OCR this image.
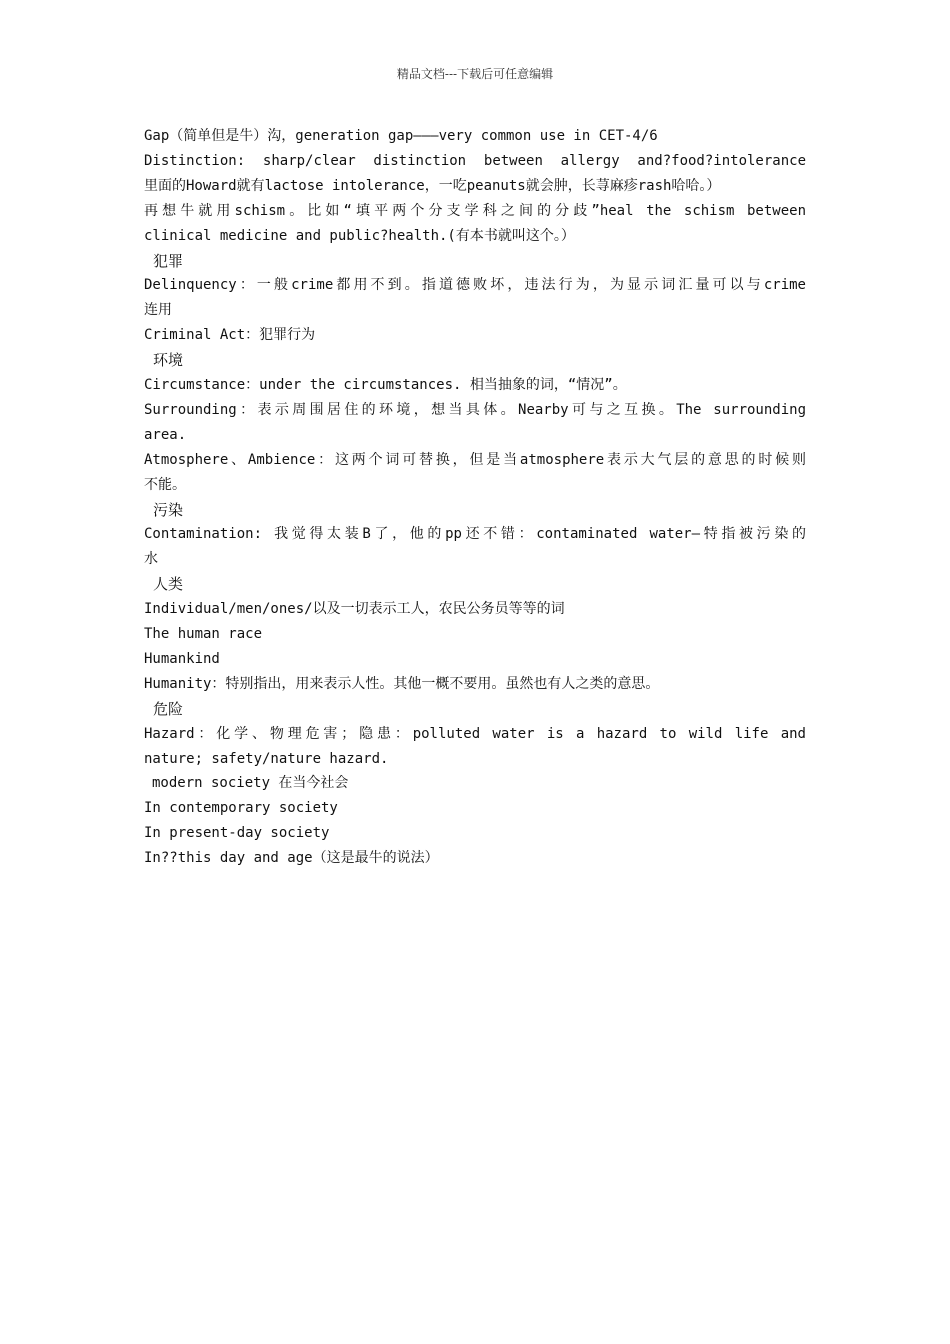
精品文档---下载后可任意编辑
Gap（简单但是牛）沟，generation gap———very common use in CET-4/6
Distinction: sharp/clear distinction between allergy and?food?intolerance
里面的Howard就有lactose intolerance，一吃peanuts就会肿，长荨麻疹rash哈哈。）
再想牛就用schism。比如“填平两个分支学科之间的分歧”heal the schism between
clinical medicine and public?health.(有本书就叫这个。）
犯罪
Delinquency：一般crime都用不到。指道德败坏，违法行为，为显示词汇量可以与crime
连用
Criminal Act：犯罪行为
环境
Circumstance：under the circumstances. 相当抽象的词，“情况”。
Surrounding：表示周围居住的环境，想当具体。Nearby可与之互换。The surrounding
area.
Atmosphere、Ambience：这两个词可替换，但是当atmosphere表示大气层的意思的时候则
不能。
污染
Contamination: 我觉得太装B了，他的pp还不错：contaminated water—特指被污染的
水
人类
Individual/men/ones/以及一切表示工人，农民公务员等等的词
The human race
Humankind
Humanity：特别指出，用来表示人性。其他一概不要用。虽然也有人之类的意思。
危险
Hazard：化学、物理危害；隐患：polluted water is a hazard to wild life and
nature; safety/nature hazard.
modern society 在当今社会
In contemporary society
In present-day society
In??this day and age（这是最牛的说法）
